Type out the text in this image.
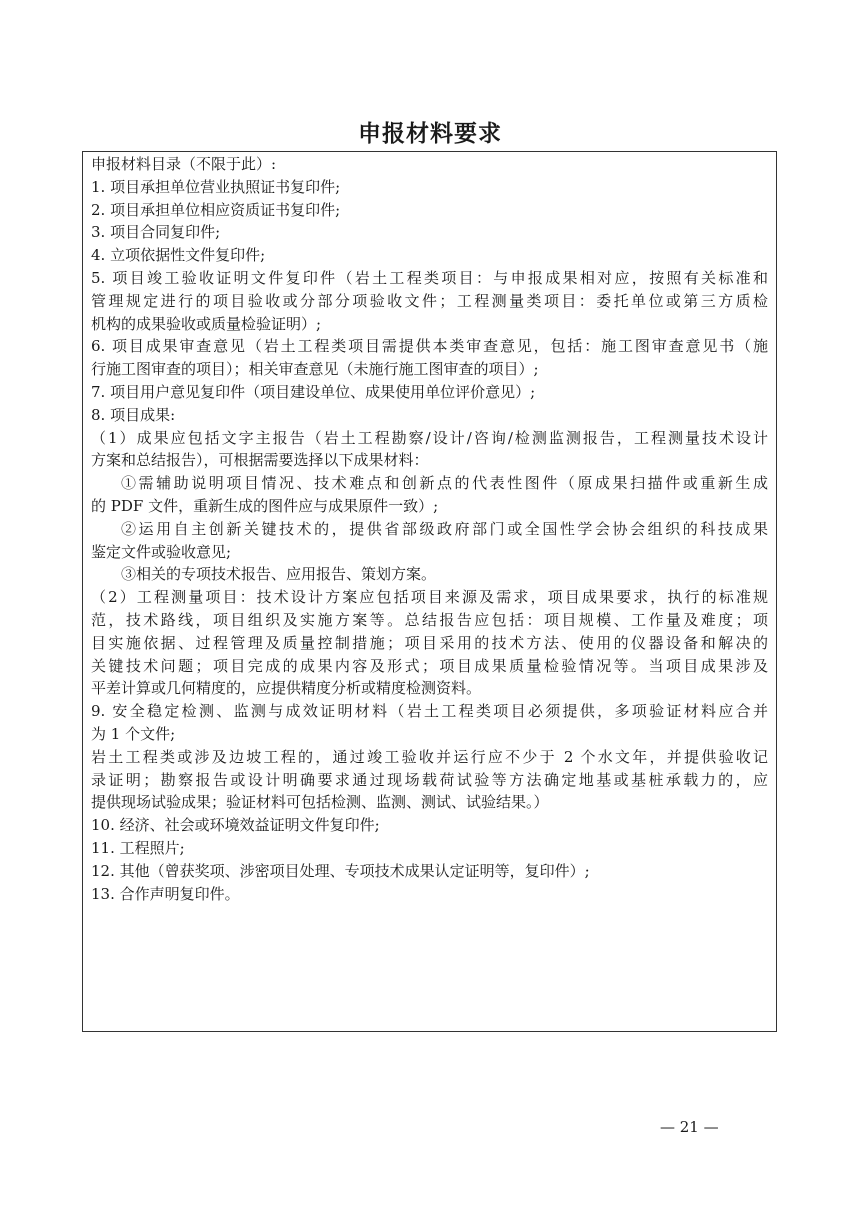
申报材料要求
申报材料目录（不限于此）:
1. 项目承担单位营业执照证书复印件;
2. 项目承担单位相应资质证书复印件;
3. 项目合同复印件;
4. 立项依据性文件复印件;
5. 项目竣工验收证明文件复印件（岩土工程类项目：与申报成果相对应，按照有关标准和
管理规定进行的项目验收或分部分项验收文件；工程测量类项目：委托单位或第三方质检
机构的成果验收或质量检验证明）;
6. 项目成果审查意见（岩土工程类项目需提供本类审查意见，包括：施工图审查意见书（施
行施工图审查的项目）；相关审查意见（未施行施工图审查的项目）;
7. 项目用户意见复印件（项目建设单位、成果使用单位评价意见）;
8. 项目成果:
（1）成果应包括文字主报告（岩土工程勘察/设计/咨询/检测监测报告，工程测量技术设计
方案和总结报告），可根据需要选择以下成果材料：
①需辅助说明项目情况、技术难点和创新点的代表性图件（原成果扫描件或重新生成
的 PDF 文件，重新生成的图件应与成果原件一致）;
②运用自主创新关键技术的，提供省部级政府部门或全国性学会协会组织的科技成果
鉴定文件或验收意见;
③相关的专项技术报告、应用报告、策划方案。
（2）工程测量项目：技术设计方案应包括项目来源及需求，项目成果要求，执行的标准规
范，技术路线，项目组织及实施方案等。总结报告应包括：项目规模、工作量及难度；项
目实施依据、过程管理及质量控制措施；项目采用的技术方法、使用的仪器设备和解决的
关键技术问题；项目完成的成果内容及形式；项目成果质量检验情况等。当项目成果涉及
平差计算或几何精度的，应提供精度分析或精度检测资料。
9. 安全稳定检测、监测与成效证明材料（岩土工程类项目必须提供，多项验证材料应合并
为 1 个文件;
岩土工程类或涉及边坡工程的，通过竣工验收并运行应不少于 2 个水文年，并提供验收记
录证明；勘察报告或设计明确要求通过现场载荷试验等方法确定地基或基桩承载力的，应
提供现场试验成果；验证材料可包括检测、监测、测试、试验结果。）
10. 经济、社会或环境效益证明文件复印件;
11. 工程照片;
12. 其他（曾获奖项、涉密项目处理、专项技术成果认定证明等，复印件）;
13. 合作声明复印件。
— 21 —
